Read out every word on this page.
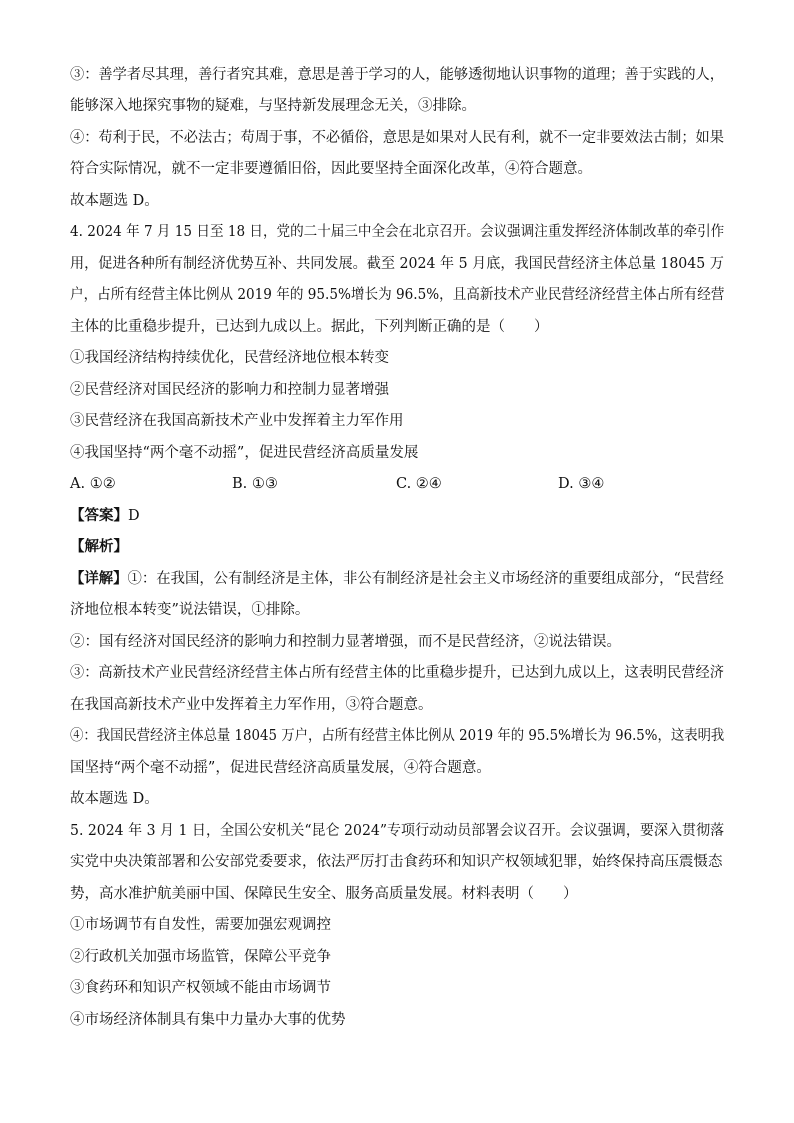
③：善学者尽其理，善行者究其难，意思是善于学习的人，能够透彻地认识事物的道理；善于实践的人，
能够深入地探究事物的疑难，与坚持新发展理念无关，③排除。
④：苟利于民，不必法古；苟周于事，不必循俗，意思是如果对人民有利，就不一定非要效法古制；如果
符合实际情况，就不一定非要遵循旧俗，因此要坚持全面深化改革，④符合题意。
故本题选 D。
4. 2024 年 7 月 15 日至 18 日，党的二十届三中全会在北京召开。会议强调注重发挥经济体制改革的牵引作
用，促进各种所有制经济优势互补、共同发展。截至 2024 年 5 月底，我国民营经济主体总量 18045 万
户，占所有经营主体比例从 2019 年的 95.5%增长为 96.5%，且高新技术产业民营经济经营主体占所有经营
主体的比重稳步提升，已达到九成以上。据此，下列判断正确的是（　　）
①我国经济结构持续优化，民营经济地位根本转变
②民营经济对国民经济的影响力和控制力显著增强
③民营经济在我国高新技术产业中发挥着主力军作用
④我国坚持“两个毫不动摇”，促进民营经济高质量发展
A. ①②	B. ①③	C. ②④	D. ③④
【答案】D
【解析】
【详解】①：在我国，公有制经济是主体，非公有制经济是社会主义市场经济的重要组成部分，“民营经
济地位根本转变”说法错误，①排除。
②：国有经济对国民经济的影响力和控制力显著增强，而不是民营经济，②说法错误。
③：高新技术产业民营经济经营主体占所有经营主体的比重稳步提升，已达到九成以上，这表明民营经济
在我国高新技术产业中发挥着主力军作用，③符合题意。
④：我国民营经济主体总量 18045 万户，占所有经营主体比例从 2019 年的 95.5%增长为 96.5%，这表明我
国坚持“两个毫不动摇”，促进民营经济高质量发展，④符合题意。
故本题选 D。
5. 2024 年 3 月 1 日，全国公安机关“昆仑 2024”专项行动动员部署会议召开。会议强调，要深入贯彻落
实党中央决策部署和公安部党委要求，依法严厉打击食药环和知识产权领域犯罪，始终保持高压震慑态
势，高水准护航美丽中国、保障民生安全、服务高质量发展。材料表明（　　）
①市场调节有自发性，需要加强宏观调控
②行政机关加强市场监管，保障公平竞争
③食药环和知识产权领域不能由市场调节
④市场经济体制具有集中力量办大事的优势
